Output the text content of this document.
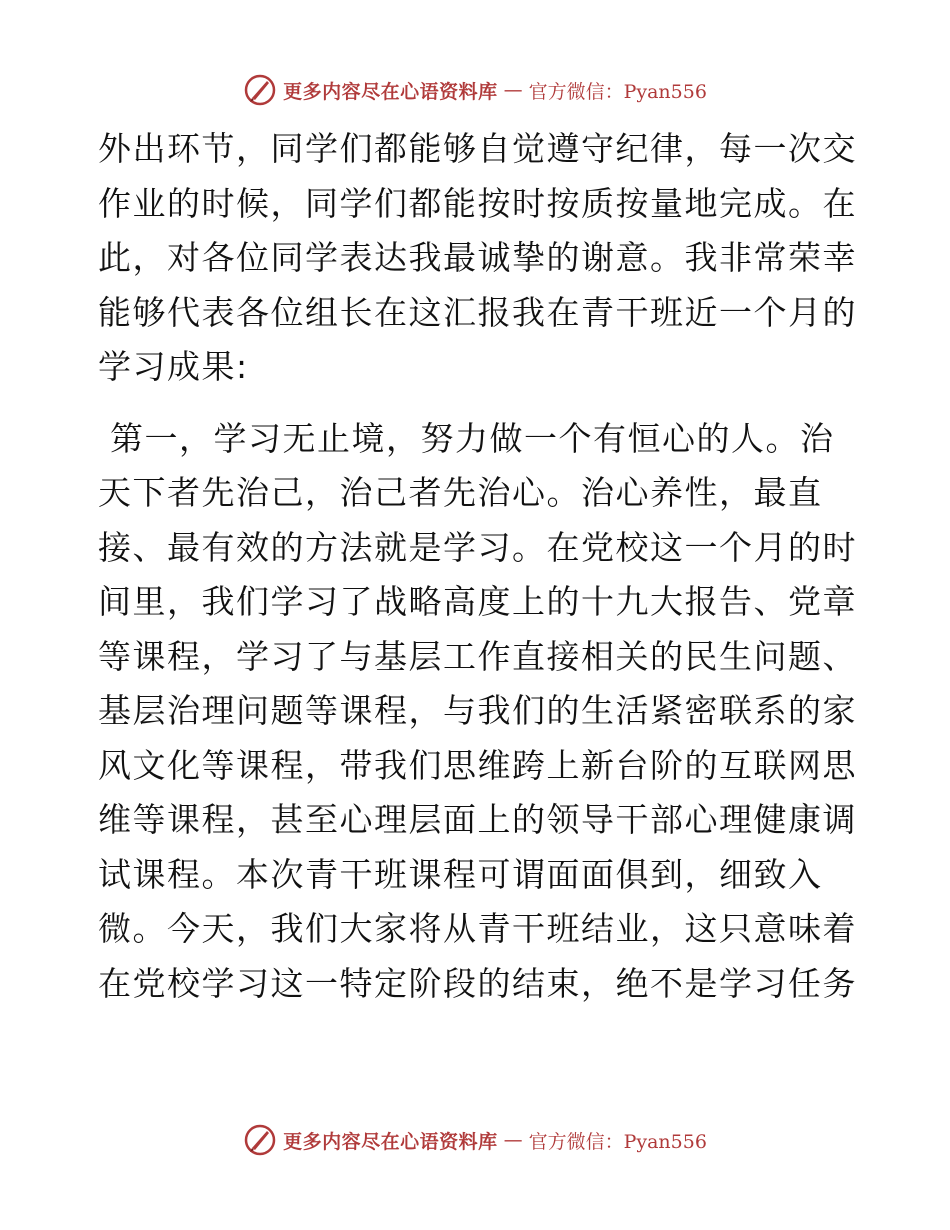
更多内容尽在心语资料库 — 官方微信：Pyan556

外出环节，同学们都能够自觉遵守纪律，每一次交
作业的时候，同学们都能按时按质按量地完成。在
此，对各位同学表达我最诚挚的谢意。我非常荣幸
能够代表各位组长在这汇报我在青干班近一个月的
学习成果:

第一，学习无止境，努力做一个有恒心的人。治
天下者先治己，治己者先治心。治心养性，最直
接、最有效的方法就是学习。在党校这一个月的时
间里，我们学习了战略高度上的十九大报告、党章
等课程，学习了与基层工作直接相关的民生问题、
基层治理问题等课程，与我们的生活紧密联系的家
风文化等课程，带我们思维跨上新台阶的互联网思
维等课程，甚至心理层面上的领导干部心理健康调
试课程。本次青干班课程可谓面面俱到，细致入
微。今天，我们大家将从青干班结业，这只意味着
在党校学习这一特定阶段的结束，绝不是学习任务

更多内容尽在心语资料库 — 官方微信：Pyan556
